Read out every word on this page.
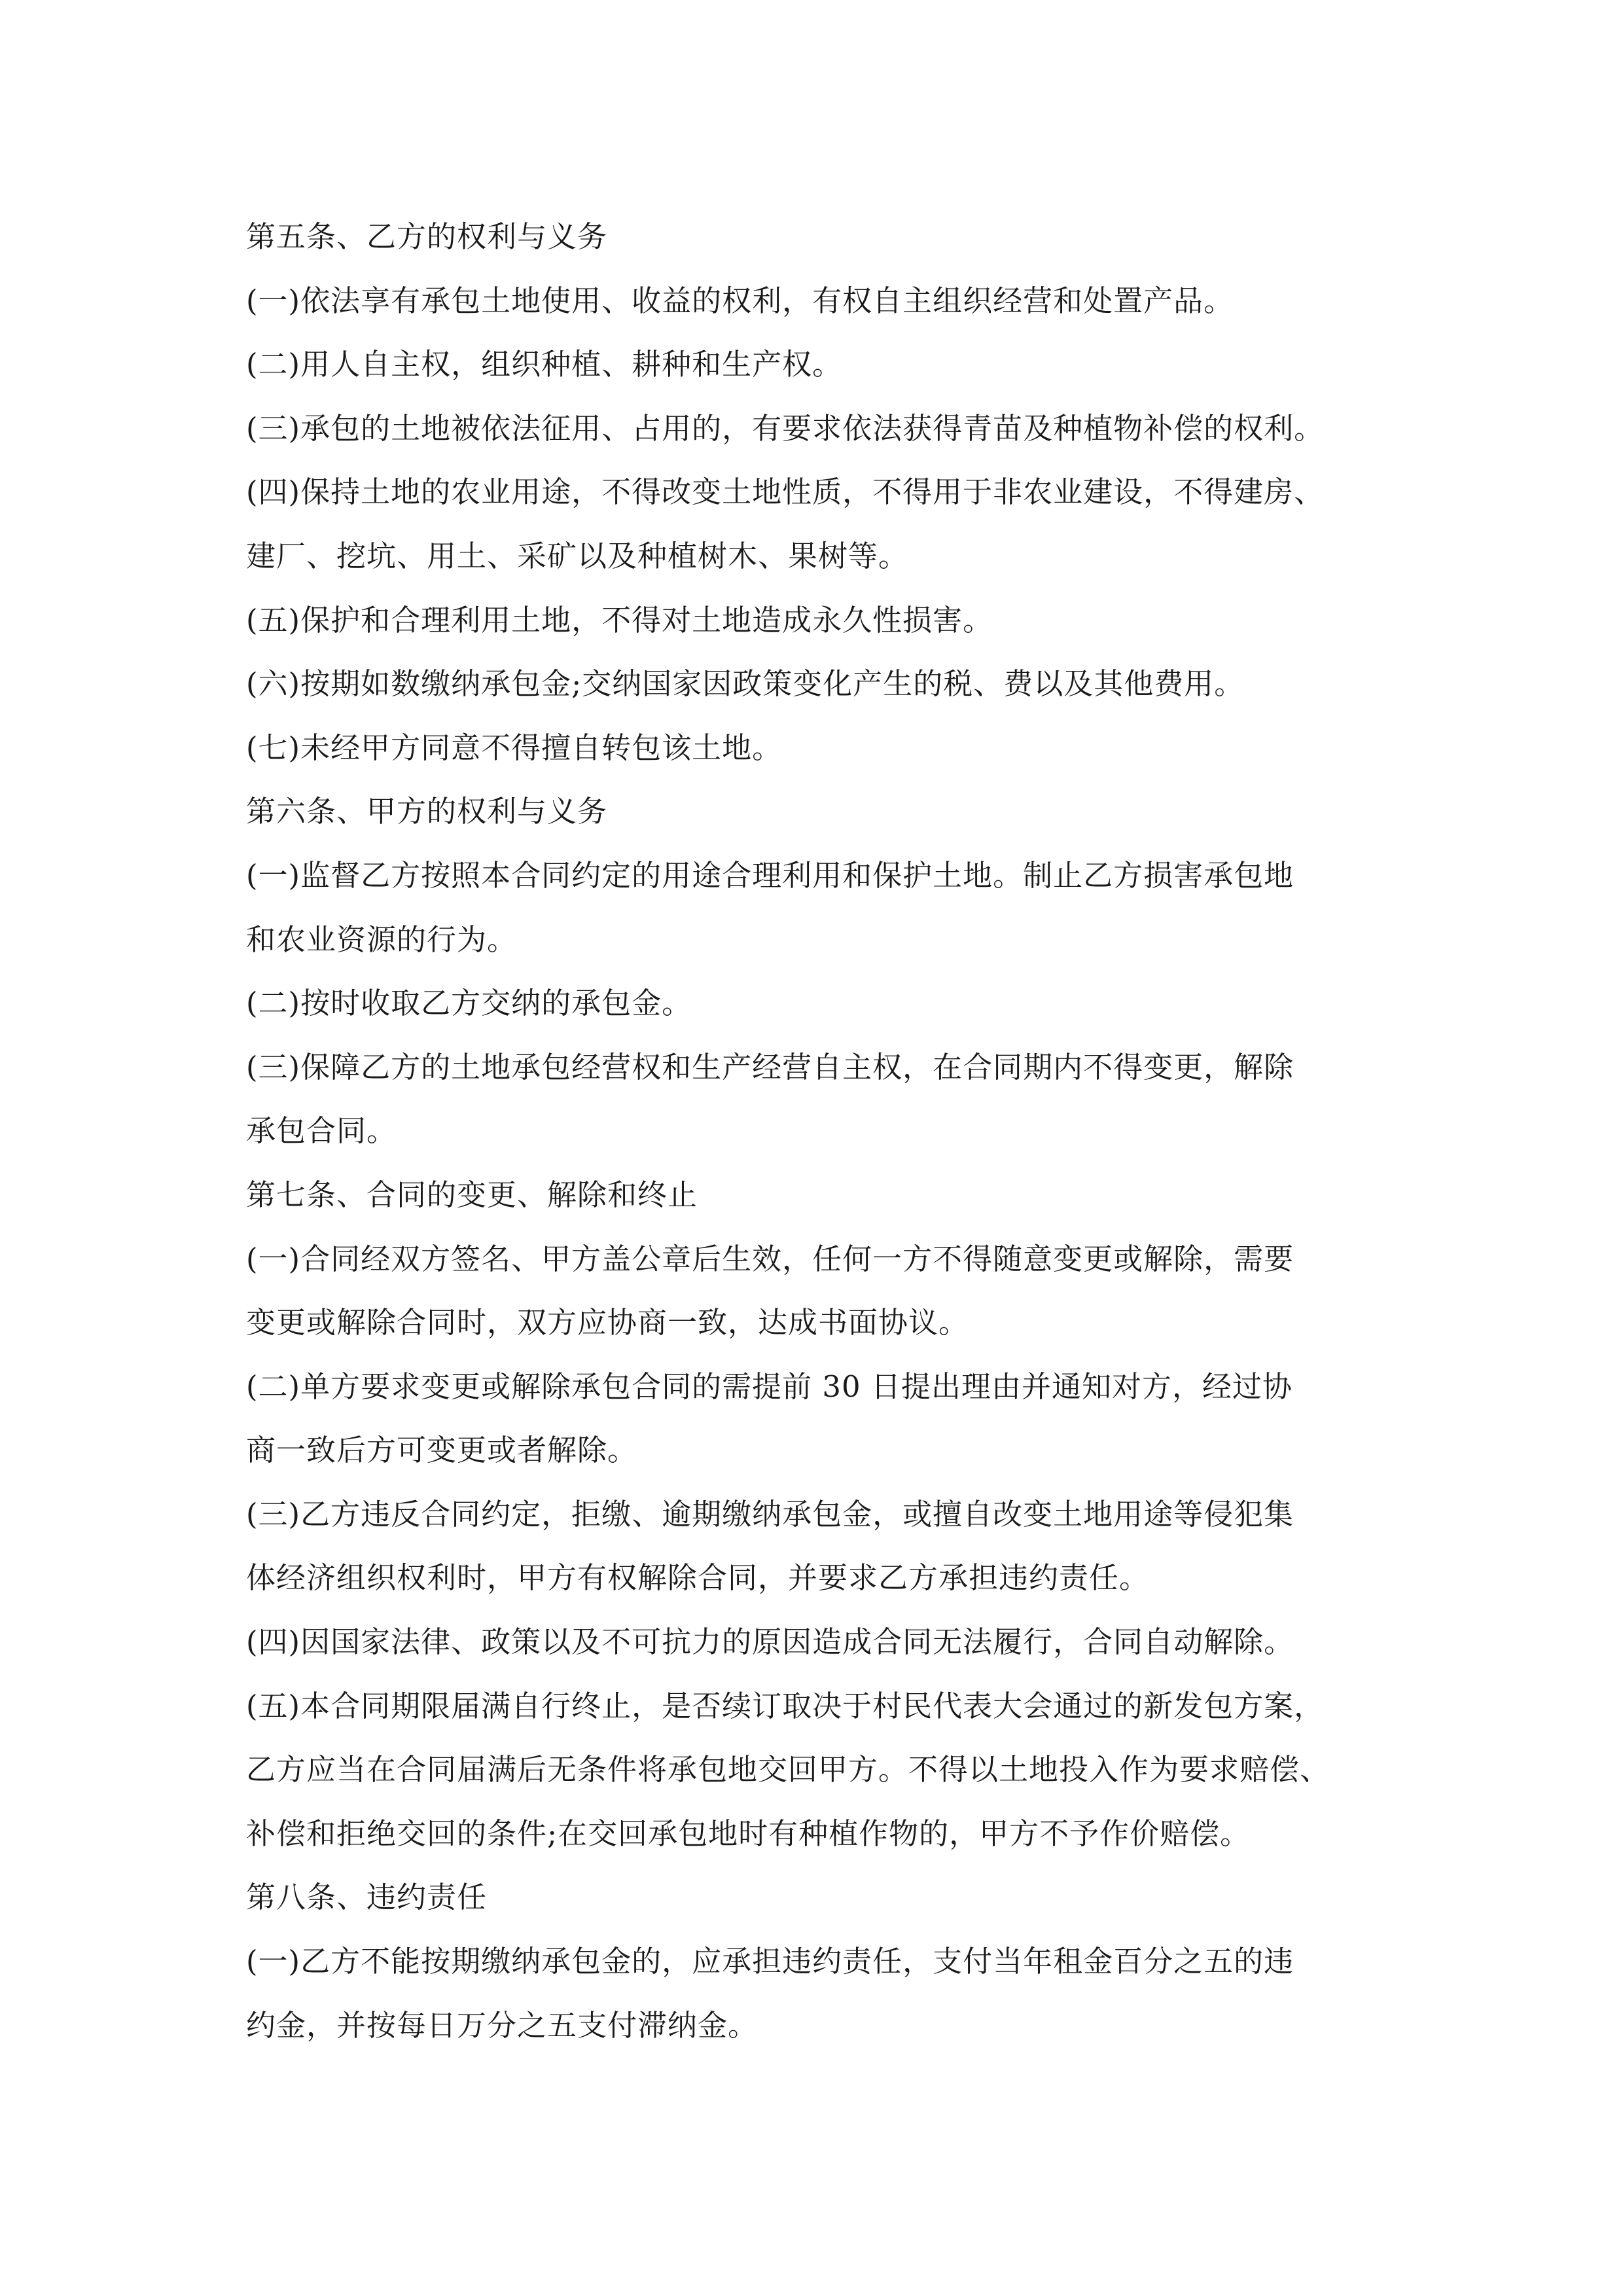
第五条、乙方的权利与义务
(一)依法享有承包土地使用、收益的权利，有权自主组织经营和处置产品。
(二)用人自主权，组织种植、耕种和生产权。
(三)承包的土地被依法征用、占用的，有要求依法获得青苗及种植物补偿的权利。
(四)保持土地的农业用途，不得改变土地性质，不得用于非农业建设，不得建房、
建厂、挖坑、用土、采矿以及种植树木、果树等。
(五)保护和合理利用土地，不得对土地造成永久性损害。
(六)按期如数缴纳承包金;交纳国家因政策变化产生的税、费以及其他费用。
(七)未经甲方同意不得擅自转包该土地。
第六条、甲方的权利与义务
(一)监督乙方按照本合同约定的用途合理利用和保护土地。制止乙方损害承包地
和农业资源的行为。
(二)按时收取乙方交纳的承包金。
(三)保障乙方的土地承包经营权和生产经营自主权，在合同期内不得变更，解除
承包合同。
第七条、合同的变更、解除和终止
(一)合同经双方签名、甲方盖公章后生效，任何一方不得随意变更或解除，需要
变更或解除合同时，双方应协商一致，达成书面协议。
(二)单方要求变更或解除承包合同的需提前 30 日提出理由并通知对方，经过协
商一致后方可变更或者解除。
(三)乙方违反合同约定，拒缴、逾期缴纳承包金，或擅自改变土地用途等侵犯集
体经济组织权利时，甲方有权解除合同，并要求乙方承担违约责任。
(四)因国家法律、政策以及不可抗力的原因造成合同无法履行，合同自动解除。
(五)本合同期限届满自行终止，是否续订取决于村民代表大会通过的新发包方案，
乙方应当在合同届满后无条件将承包地交回甲方。不得以土地投入作为要求赔偿、
补偿和拒绝交回的条件;在交回承包地时有种植作物的，甲方不予作价赔偿。
第八条、违约责任
(一)乙方不能按期缴纳承包金的，应承担违约责任，支付当年租金百分之五的违
约金，并按每日万分之五支付滞纳金。
